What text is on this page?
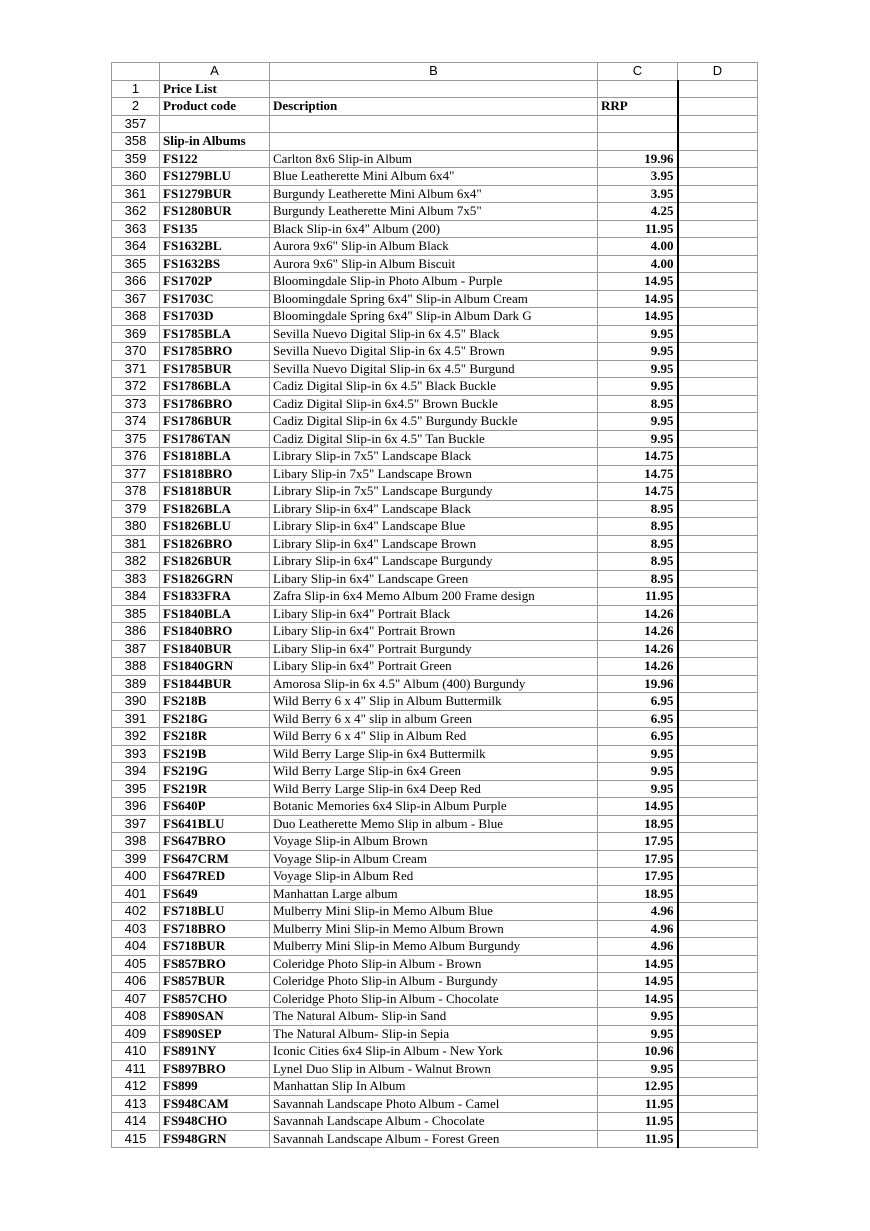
	A	B	C	D
1	Price List			
2	Product code	Description	RRP	
357				
358	Slip-in Albums			
359	FS122	Carlton 8x6 Slip-in Album	19.96	
360	FS1279BLU	Blue Leatherette Mini Album 6x4"	3.95	
361	FS1279BUR	Burgundy Leatherette Mini Album 6x4"	3.95	
362	FS1280BUR	Burgundy Leatherette Mini Album 7x5"	4.25	
363	FS135	Black Slip-in 6x4" Album (200)	11.95	
364	FS1632BL	Aurora 9x6" Slip-in Album Black	4.00	
365	FS1632BS	Aurora 9x6" Slip-in Album Biscuit	4.00	
366	FS1702P	Bloomingdale Slip-in Photo Album - Purple	14.95	
367	FS1703C	Bloomingdale Spring 6x4" Slip-in Album Cream	14.95	
368	FS1703D	Bloomingdale Spring 6x4" Slip-in Album Dark G	14.95	
369	FS1785BLA	Sevilla Nuevo Digital Slip-in 6x 4.5" Black	9.95	
370	FS1785BRO	Sevilla Nuevo Digital Slip-in 6x 4.5" Brown	9.95	
371	FS1785BUR	Sevilla Nuevo Digital Slip-in 6x 4.5" Burgund	9.95	
372	FS1786BLA	Cadiz Digital Slip-in 6x 4.5" Black Buckle	9.95	
373	FS1786BRO	Cadiz Digital Slip-in 6x4.5" Brown Buckle	8.95	
374	FS1786BUR	Cadiz Digital Slip-in 6x 4.5" Burgundy Buckle	9.95	
375	FS1786TAN	Cadiz Digital Slip-in 6x 4.5" Tan Buckle	9.95	
376	FS1818BLA	Library Slip-in 7x5" Landscape Black	14.75	
377	FS1818BRO	Libary Slip-in 7x5" Landscape Brown	14.75	
378	FS1818BUR	Library Slip-in 7x5" Landscape Burgundy	14.75	
379	FS1826BLA	Library Slip-in 6x4" Landscape Black	8.95	
380	FS1826BLU	Library Slip-in 6x4" Landscape Blue	8.95	
381	FS1826BRO	Library Slip-in 6x4" Landscape Brown	8.95	
382	FS1826BUR	Library Slip-in 6x4" Landscape Burgundy	8.95	
383	FS1826GRN	Libary Slip-in 6x4" Landscape Green	8.95	
384	FS1833FRA	Zafra Slip-in 6x4 Memo Album 200 Frame design	11.95	
385	FS1840BLA	Libary Slip-in 6x4" Portrait Black	14.26	
386	FS1840BRO	Libary Slip-in 6x4" Portrait Brown	14.26	
387	FS1840BUR	Libary Slip-in 6x4" Portrait Burgundy	14.26	
388	FS1840GRN	Libary Slip-in 6x4" Portrait Green	14.26	
389	FS1844BUR	Amorosa Slip-in 6x 4.5" Album (400) Burgundy	19.96	
390	FS218B	Wild Berry 6 x 4" Slip in Album Buttermilk	6.95	
391	FS218G	Wild Berry 6 x 4" slip in album Green	6.95	
392	FS218R	Wild Berry 6 x 4" Slip in Album Red	6.95	
393	FS219B	Wild Berry Large Slip-in 6x4 Buttermilk	9.95	
394	FS219G	Wild Berry Large Slip-in 6x4 Green	9.95	
395	FS219R	Wild Berry Large Slip-in 6x4 Deep Red	9.95	
396	FS640P	Botanic Memories 6x4 Slip-in Album Purple	14.95	
397	FS641BLU	Duo Leatherette Memo Slip in album - Blue	18.95	
398	FS647BRO	Voyage Slip-in Album Brown	17.95	
399	FS647CRM	Voyage Slip-in Album Cream	17.95	
400	FS647RED	Voyage Slip-in Album Red	17.95	
401	FS649	Manhattan Large album	18.95	
402	FS718BLU	Mulberry Mini Slip-in Memo Album Blue	4.96	
403	FS718BRO	Mulberry Mini Slip-in Memo Album Brown	4.96	
404	FS718BUR	Mulberry Mini Slip-in Memo Album Burgundy	4.96	
405	FS857BRO	Coleridge Photo Slip-in Album - Brown	14.95	
406	FS857BUR	Coleridge Photo Slip-in Album - Burgundy	14.95	
407	FS857CHO	Coleridge Photo Slip-in Album - Chocolate	14.95	
408	FS890SAN	The Natural Album- Slip-in Sand	9.95	
409	FS890SEP	The Natural Album- Slip-in Sepia	9.95	
410	FS891NY	Iconic Cities 6x4 Slip-in Album - New York	10.96	
411	FS897BRO	Lynel Duo Slip in Album - Walnut Brown	9.95	
412	FS899	Manhattan Slip In Album	12.95	
413	FS948CAM	Savannah Landscape Photo Album - Camel	11.95	
414	FS948CHO	Savannah Landscape Album - Chocolate	11.95	
415	FS948GRN	Savannah Landscape Album - Forest Green	11.95	
